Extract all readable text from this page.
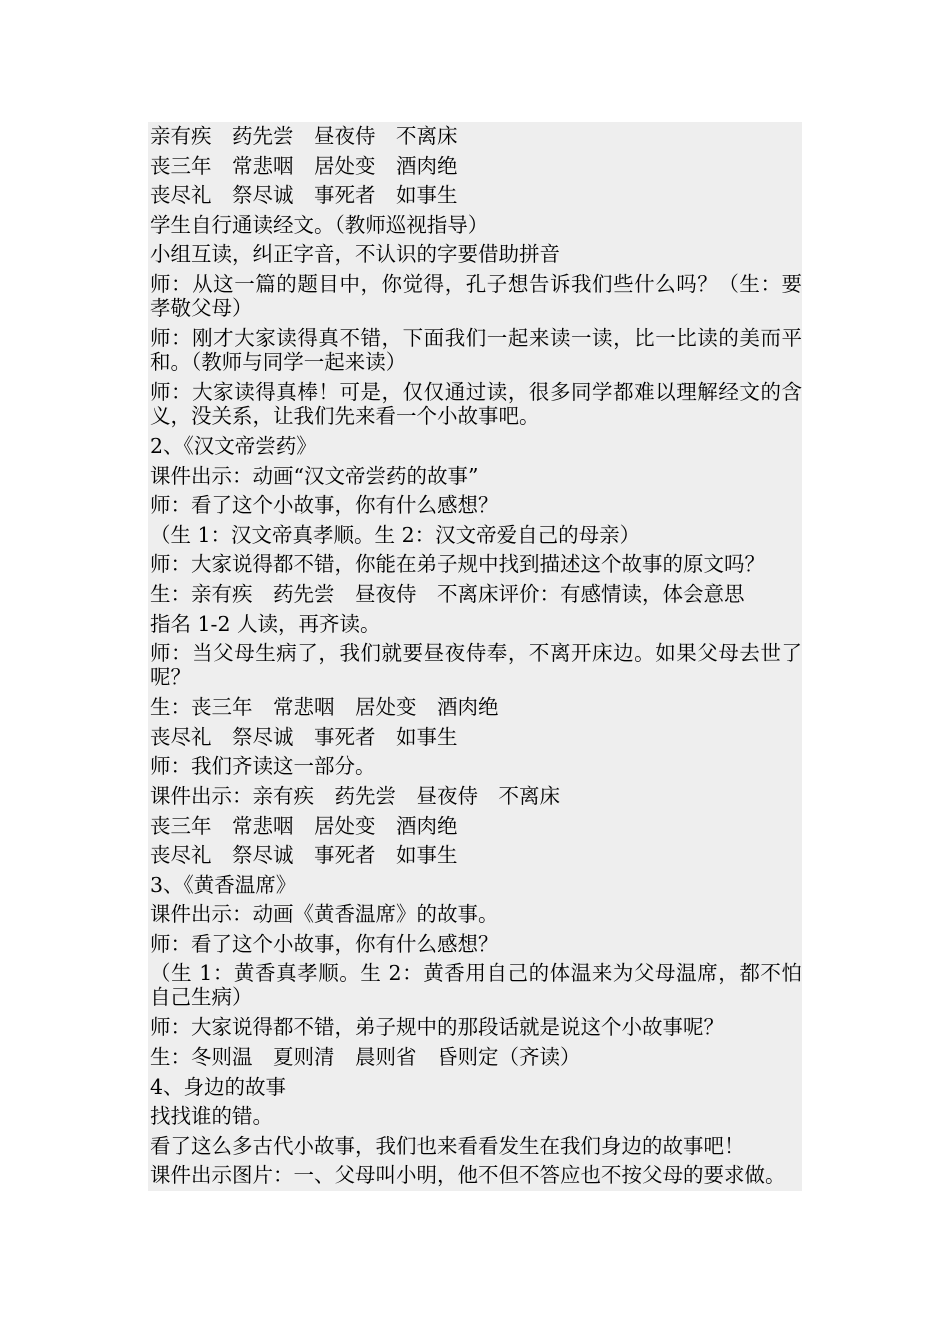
亲有疾　药先尝　昼夜侍　不离床
丧三年　常悲咽　居处变　酒肉绝
丧尽礼　祭尽诚　事死者　如事生
学生自行通读经文。（教师巡视指导）
小组互读，纠正字音，不认识的字要借助拼音
师：从这一篇的题目中，你觉得，孔子想告诉我们些什么吗？（生：要孝敬父母）
师：刚才大家读得真不错，下面我们一起来读一读，比一比读的美而平和。（教师与同学一起来读）
师：大家读得真棒！可是，仅仅通过读，很多同学都难以理解经文的含义，没关系，让我们先来看一个小故事吧。
2、《汉文帝尝药》
课件出示：动画“汉文帝尝药的故事”
师：看了这个小故事，你有什么感想？
（生 1：汉文帝真孝顺。生 2：汉文帝爱自己的母亲）
师：大家说得都不错，你能在弟子规中找到描述这个故事的原文吗？
生：亲有疾　药先尝　昼夜侍　不离床评价：有感情读，体会意思
指名 1-2 人读，再齐读。
师：当父母生病了，我们就要昼夜侍奉，不离开床边。如果父母去世了呢？
生：丧三年　常悲咽　居处变　酒肉绝
丧尽礼　祭尽诚　事死者　如事生
师：我们齐读这一部分。
课件出示：亲有疾　药先尝　昼夜侍　不离床
丧三年　常悲咽　居处变　酒肉绝
丧尽礼　祭尽诚　事死者　如事生
3、《黄香温席》
课件出示：动画《黄香温席》的故事。
师：看了这个小故事，你有什么感想？
（生 1：黄香真孝顺。生 2：黄香用自己的体温来为父母温席，都不怕自己生病）
师：大家说得都不错，弟子规中的那段话就是说这个小故事呢？
生：冬则温　夏则清　晨则省　昏则定（齐读）
4、身边的故事
找找谁的错。
看了这么多古代小故事，我们也来看看发生在我们身边的故事吧！
课件出示图片：一、父母叫小明，他不但不答应也不按父母的要求做。
